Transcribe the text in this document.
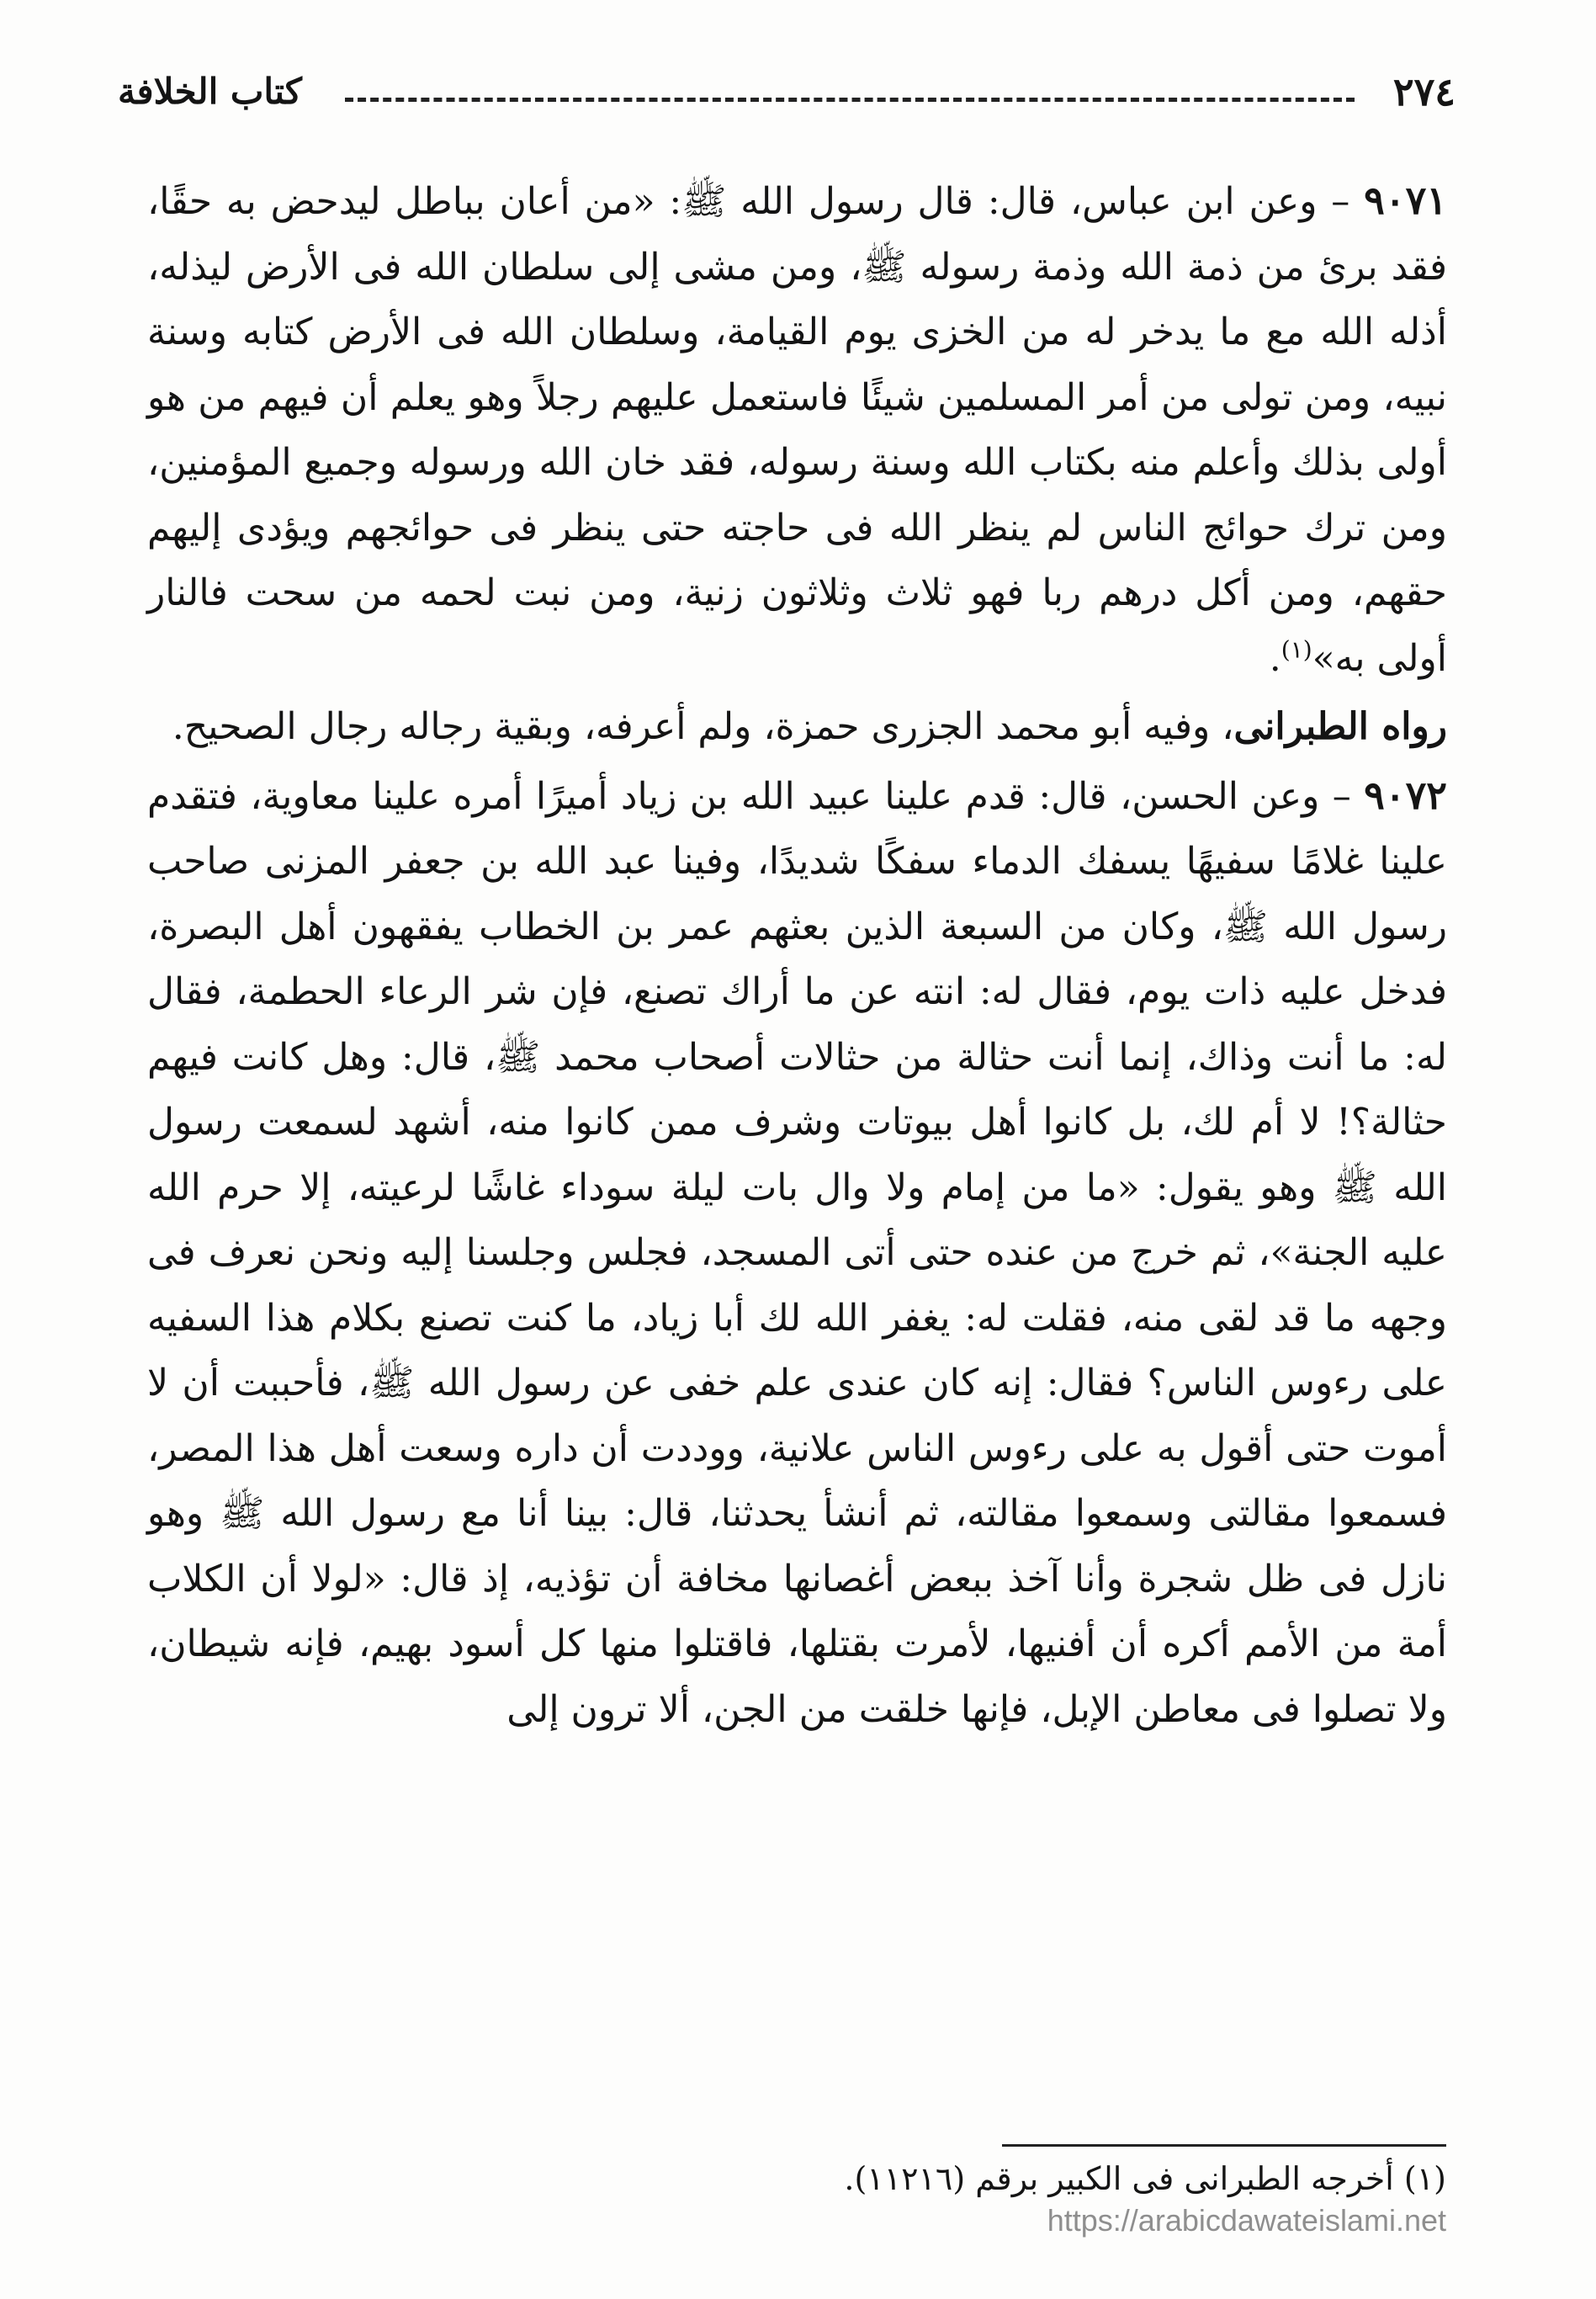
٢٧٤
كتاب الخلافة

٩٠٧١ – وعن ابن عباس، قال: قال رسول الله ﷺ: «من أعان بباطل ليدحض به حقًا، فقد برئ من ذمة الله وذمة رسوله ﷺ، ومن مشى إلى سلطان الله فى الأرض ليذله، أذله الله مع ما يدخر له من الخزى يوم القيامة، وسلطان الله فى الأرض كتابه وسنة نبيه، ومن تولى من أمر المسلمين شيئًا فاستعمل عليهم رجلاً وهو يعلم أن فيهم من هو أولى بذلك وأعلم منه بكتاب الله وسنة رسوله، فقد خان الله ورسوله وجميع المؤمنين، ومن ترك حوائج الناس لم ينظر الله فى حاجته حتى ينظر فى حوائجهم ويؤدى إليهم حقهم، ومن أكل درهم ربا فهو ثلاث وثلاثون زنية، ومن نبت لحمه من سحت فالنار أولى به»$^{(١)}$.

رواه الطبرانى، وفيه أبو محمد الجزرى حمزة، ولم أعرفه، وبقية رجاله رجال الصحيح.

٩٠٧٢ – وعن الحسن، قال: قدم علينا عبيد الله بن زياد أميرًا أمره علينا معاوية، فتقدم علينا غلامًا سفيهًا يسفك الدماء سفكًا شديدًا، وفينا عبد الله بن جعفر المزنى صاحب رسول الله ﷺ، وكان من السبعة الذين بعثهم عمر بن الخطاب يفقهون أهل البصرة، فدخل عليه ذات يوم، فقال له: انته عن ما أراك تصنع، فإن شر الرعاء الحطمة، فقال له: ما أنت وذاك، إنما أنت حثالة من حثالات أصحاب محمد ﷺ، قال: وهل كانت فيهم حثالة؟! لا أم لك، بل كانوا أهل بيوتات وشرف ممن كانوا منه، أشهد لسمعت رسول الله ﷺ وهو يقول: «ما من إمام ولا وال بات ليلة سوداء غاشًا لرعيته، إلا حرم الله عليه الجنة»، ثم خرج من عنده حتى أتى المسجد، فجلس وجلسنا إليه ونحن نعرف فى وجهه ما قد لقى منه، فقلت له: يغفر الله لك أبا زياد، ما كنت تصنع بكلام هذا السفيه على رءوس الناس؟ فقال: إنه كان عندى علم خفى عن رسول الله ﷺ، فأحببت أن لا أموت حتى أقول به على رءوس الناس علانية، ووددت أن داره وسعت أهل هذا المصر، فسمعوا مقالتى وسمعوا مقالته، ثم أنشأ يحدثنا، قال: بينا أنا مع رسول الله ﷺ وهو نازل فى ظل شجرة وأنا آخذ ببعض أغصانها مخافة أن تؤذيه، إذ قال: «لولا أن الكلاب أمة من الأمم أكره أن أفنيها، لأمرت بقتلها، فاقتلوا منها كل أسود بهيم، فإنه شيطان، ولا تصلوا فى معاطن الإبل، فإنها خلقت من الجن، ألا ترون إلى

(١) أخرجه الطبرانى فى الكبير برقم (١١٢١٦).
https://arabicdawateislami.net
